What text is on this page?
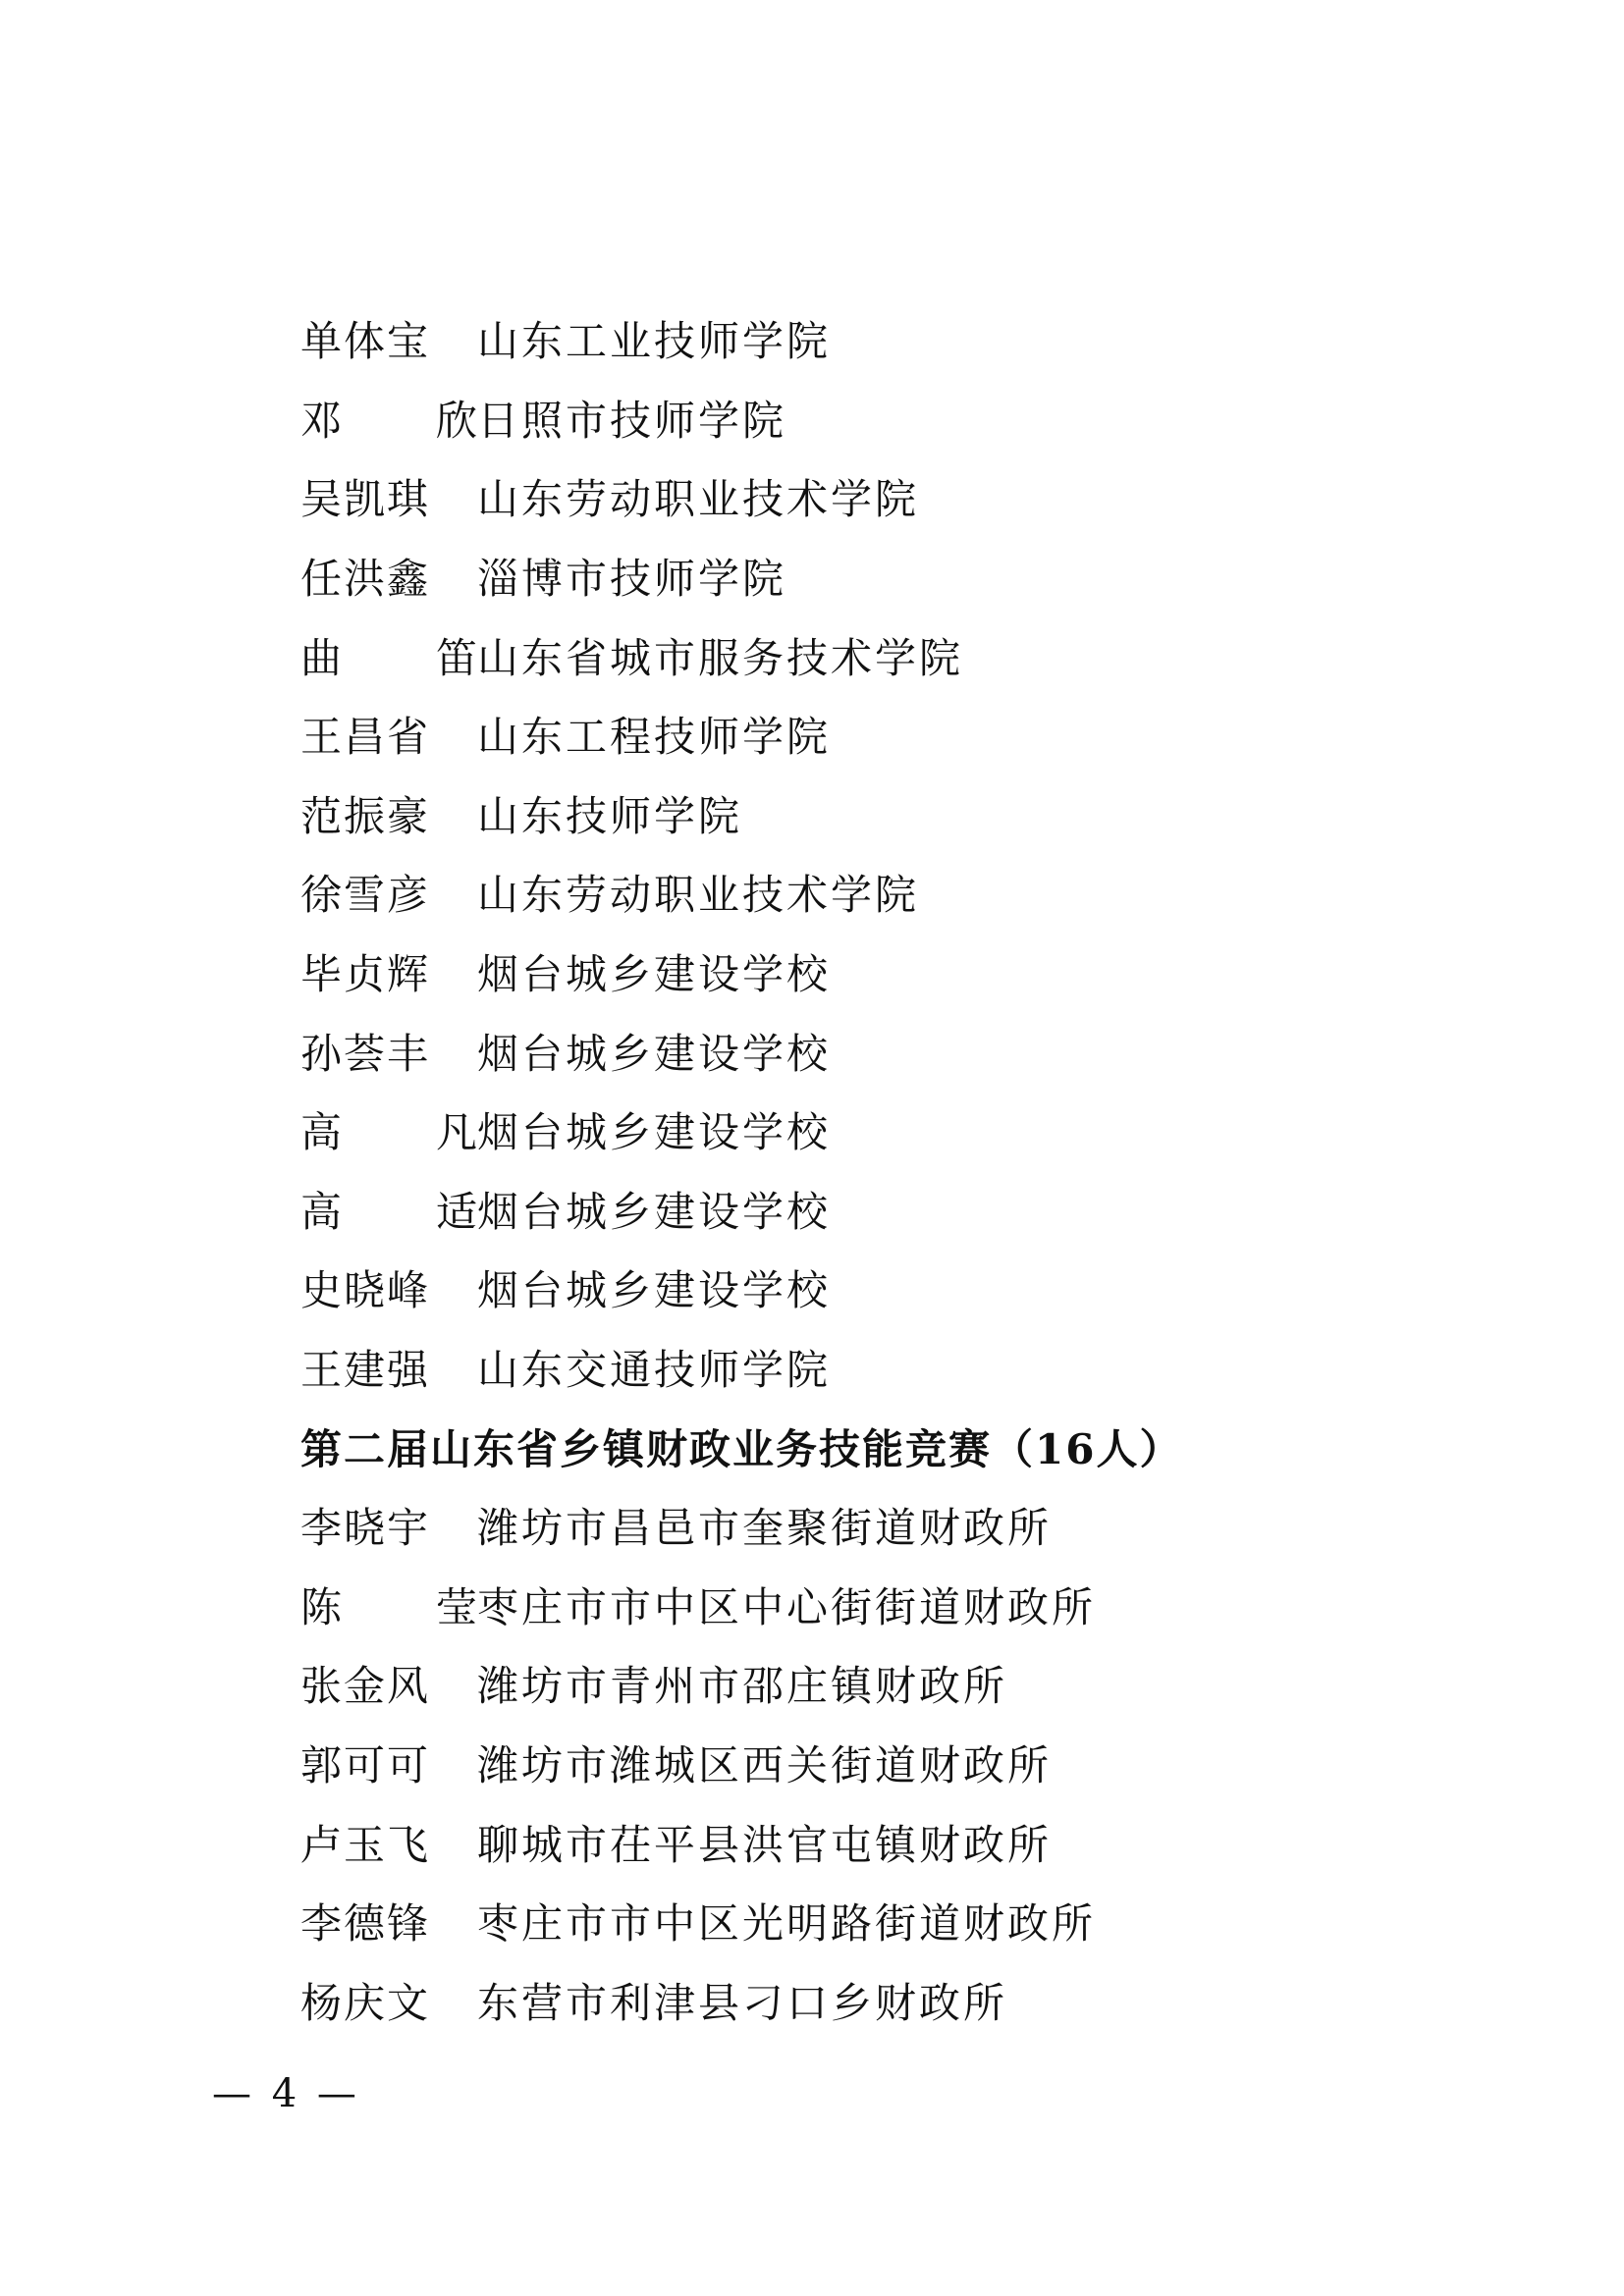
单体宝	山东工业技师学院
邓 欣 日照市技师学院
吴凯琪	山东劳动职业技术学院
任洪鑫	淄博市技师学院
曲 笛 山东省城市服务技术学院
王昌省	山东工程技师学院
范振豪	山东技师学院
徐雪彦	山东劳动职业技术学院
毕贞辉	烟台城乡建设学校
孙荟丰	烟台城乡建设学校
高 凡 烟台城乡建设学校
高 适 烟台城乡建设学校
史晓峰	烟台城乡建设学校
王建强	山东交通技师学院
第二届山东省乡镇财政业务技能竞赛（16人）
李晓宇	潍坊市昌邑市奎聚街道财政所
陈 莹 枣庄市市中区中心街街道财政所
张金风	潍坊市青州市邵庄镇财政所
郭可可	潍坊市潍城区西关街道财政所
卢玉飞	聊城市茌平县洪官屯镇财政所
李德锋	枣庄市市中区光明路街道财政所
杨庆文	东营市利津县刁口乡财政所
— 4 —
